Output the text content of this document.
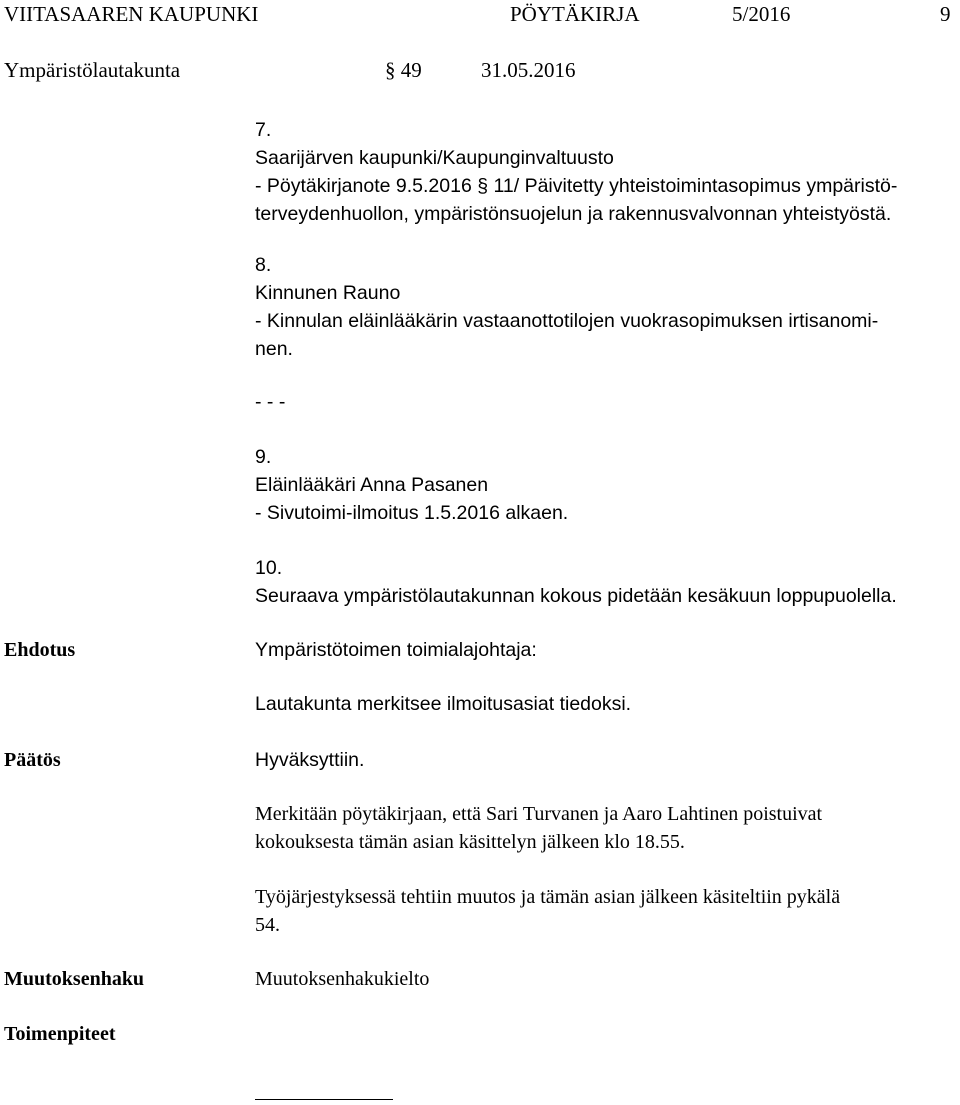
VIITASAAREN KAUPUNKI	PÖYTÄKIRJA	5/2016	9
Ympäristölautakunta	§ 49	31.05.2016
7.
Saarijärven kaupunki/Kaupunginvaltuusto
- Pöytäkirjanote 9.5.2016 § 11/ Päivitetty yhteistoimintasopimus ympäristö-
terveydenhuollon, ympäristönsuojelun ja rakennusvalvonnan yhteistyöstä.
8.
Kinnunen Rauno
- Kinnulan eläinlääkärin vastaanottotilojen vuokrasopimuksen irtisanomi-
nen.
- - -
9.
Eläinlääkäri Anna Pasanen
- Sivutoimi-ilmoitus 1.5.2016 alkaen.
10.
Seuraava ympäristölautakunnan kokous pidetään kesäkuun loppupuolella.
Ehdotus	Ympäristötoimen toimialajohtaja:
Lautakunta merkitsee ilmoitusasiat tiedoksi.
Päätös	Hyväksyttiin.
Merkitään pöytäkirjaan, että Sari Turvanen ja Aaro Lahtinen poistuivat
kokouksesta tämän asian käsittelyn jälkeen klo 18.55.
Työjärjestyksessä tehtiin muutos ja tämän asian jälkeen käsiteltiin pykälä
54.
Muutoksenhaku	Muutoksenhakukielto
Toimenpiteet
